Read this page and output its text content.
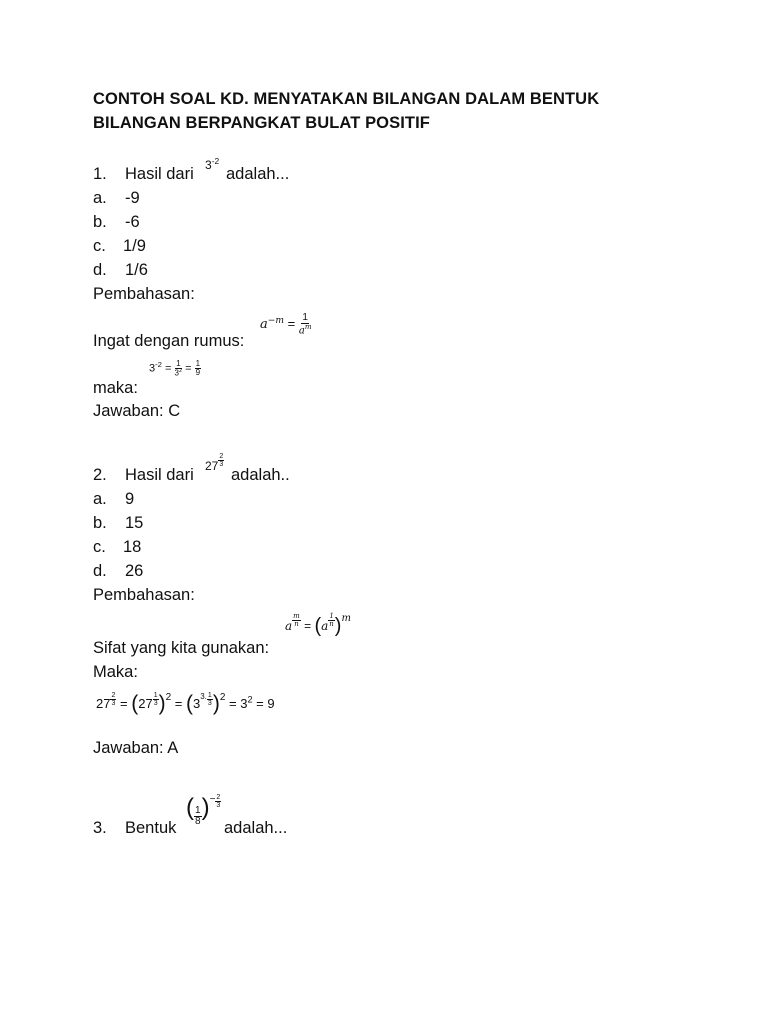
CONTOH SOAL KD. MENYATAKAN BILANGAN DALAM BENTUK
BILANGAN BERPANGKAT BULAT POSITIF
1. Hasil dari $3^{-2}$
adalah...
a. -9
b. -6
c. 1/9
d. 1/6
Pembahasan:
Ingat dengan rumus:
$a^{-m} = \frac{1}{a^m}$
maka:
$3^{-2} = \frac{1}{3^2} = \frac{1}{9}$
Jawaban: C
2. Hasil dari $27 \frac{2}{3}$
adalah..
a. 9
b. 15
c. 18
d. 26
Pembahasan:
Sifat yang kita gunakan:
a $\frac{m}{n} = (a \frac{1}{n} )^m$
Maka:
$27 \frac{2}{3} = (27 \frac{1}{3} )^2 = (3^{3.} \frac{1}{3} )^2 = 3^2 = 9$
Jawaban: A
3. Bentuk
( $\frac{1}{8} )^- \frac{2}{3}$
adalah...
